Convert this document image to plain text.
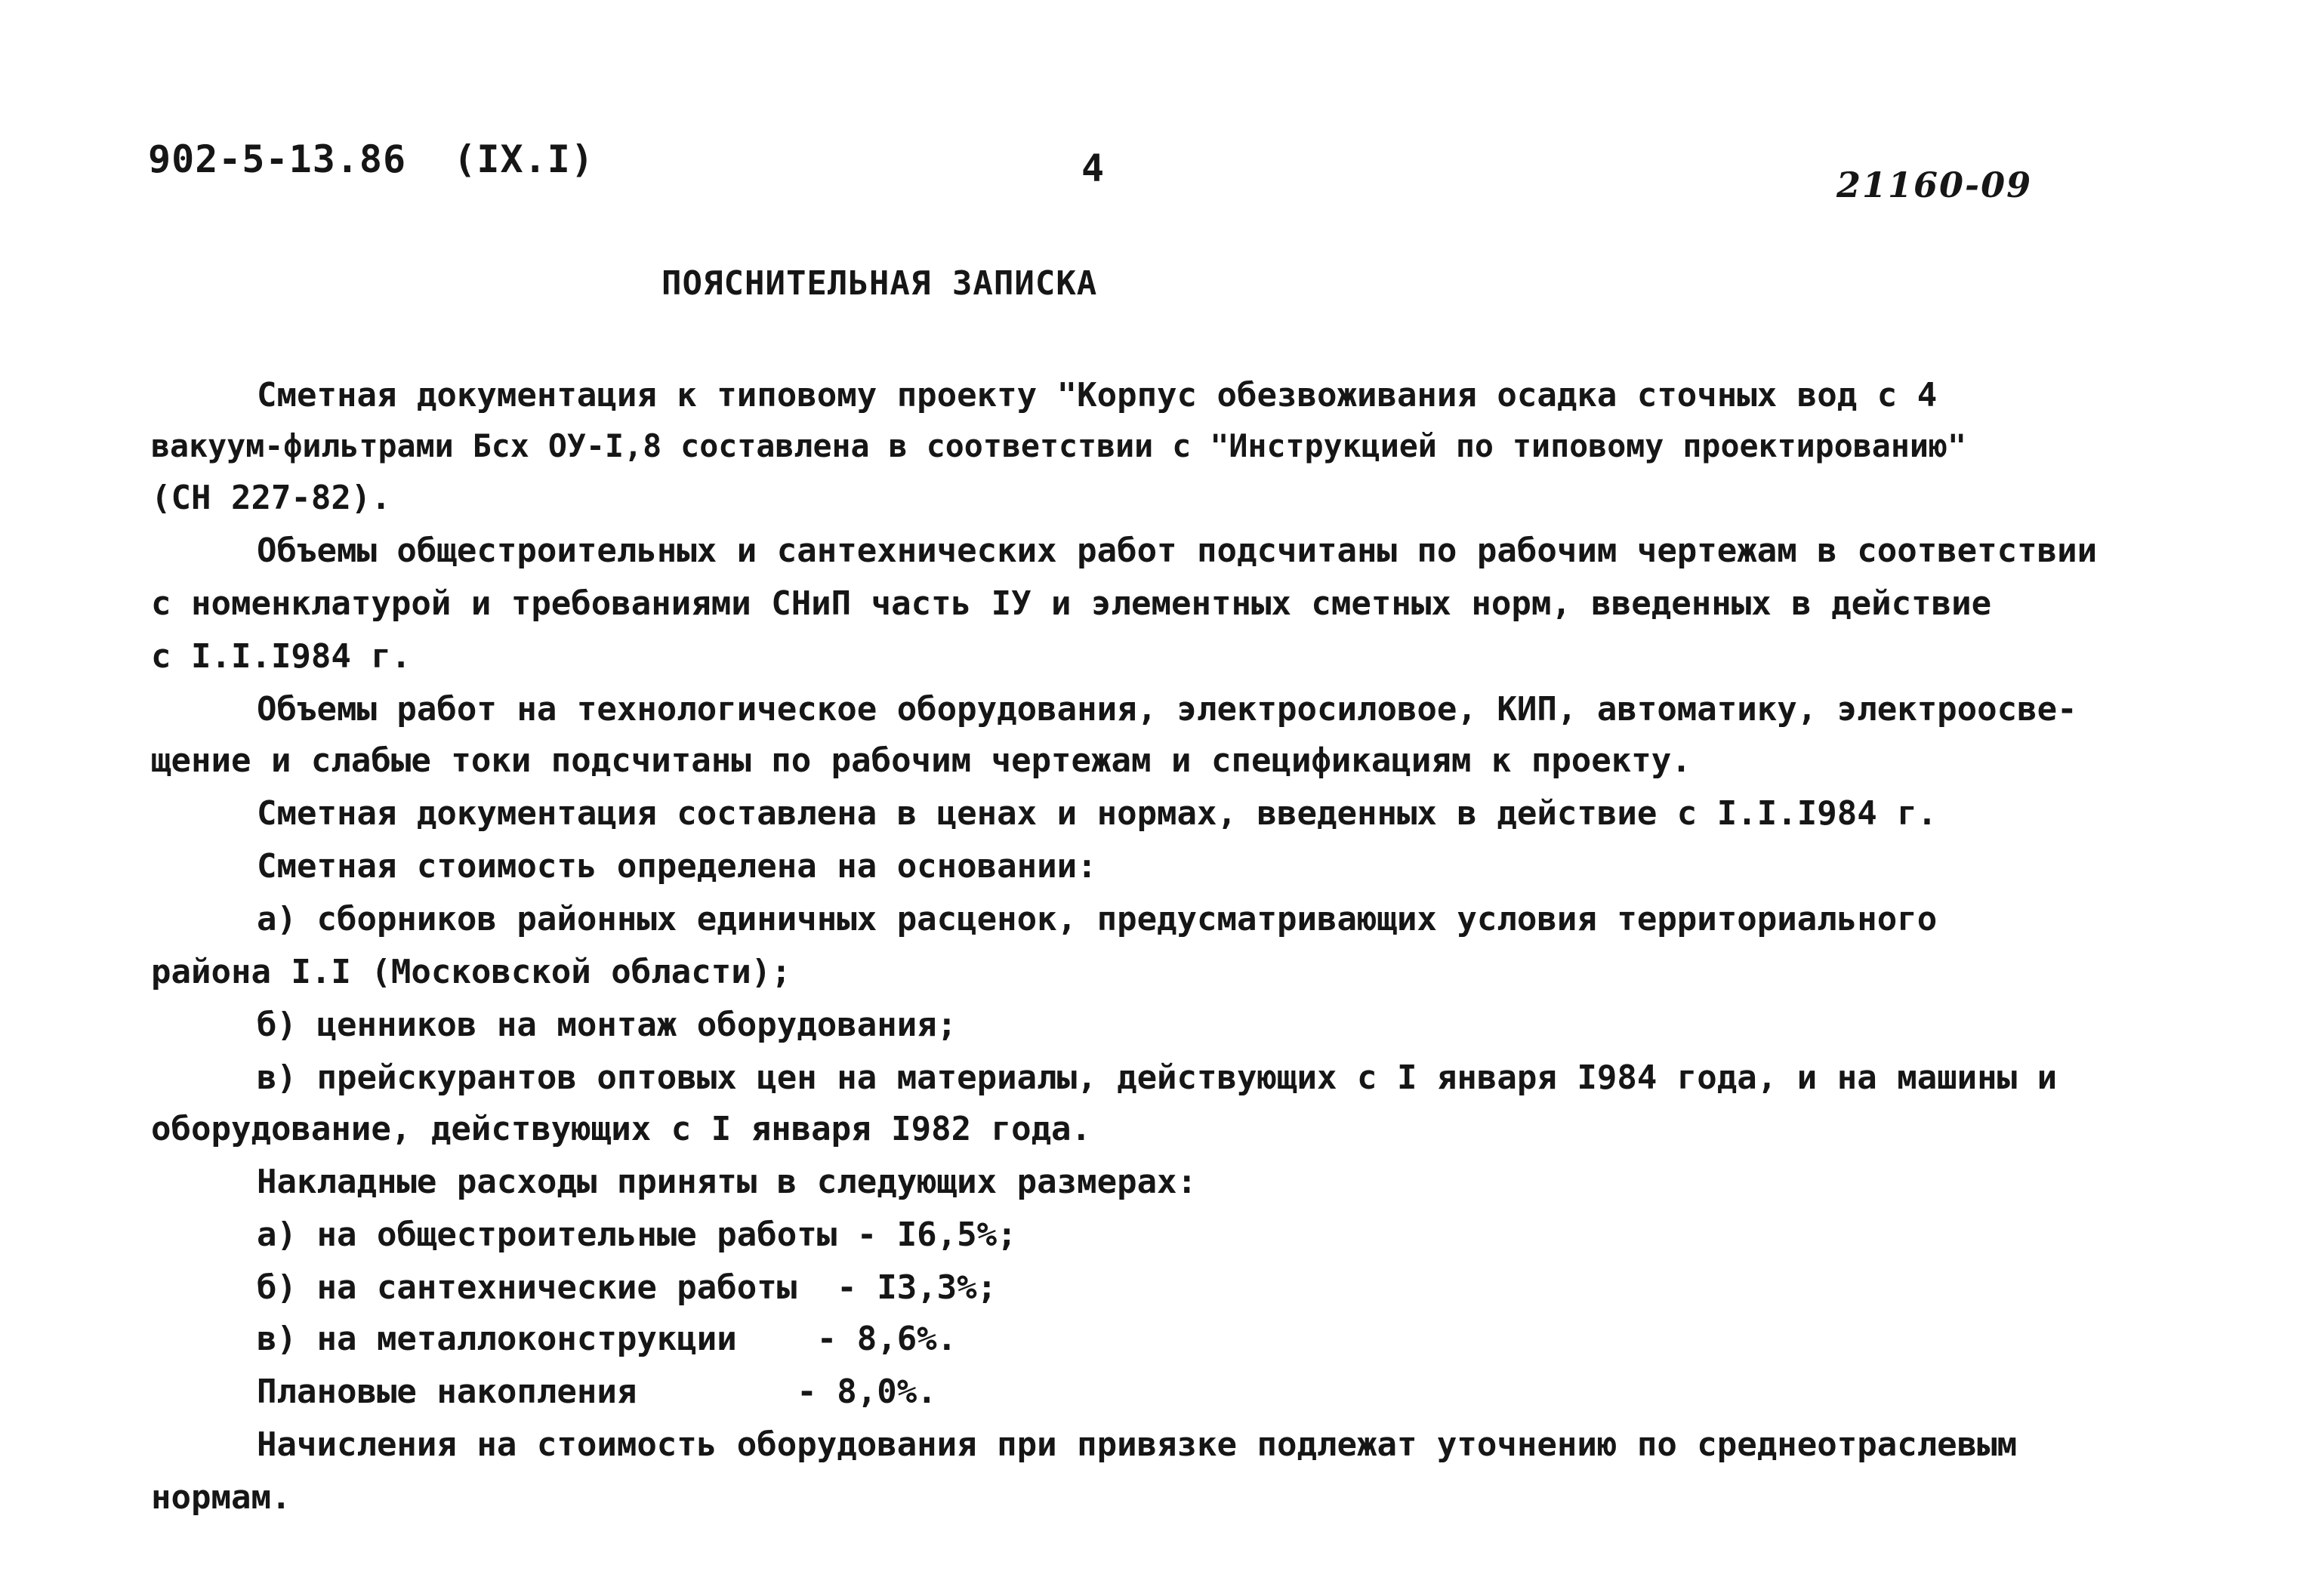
902-5-13.86  (IX.I)	4	21160-09
ПОЯСНИТЕЛЬНАЯ ЗАПИСКА
Сметная документация к типовому проекту "Корпус обезвоживания осадка сточных вод с 4
вакуум-фильтрами Бсх ОУ-I,8 составлена в соответствии с "Инструкцией по типовому проектированию"
(СН 227-82).
Объемы общестроительных и сантехнических работ подсчитаны по рабочим чертежам в соответствии
с номенклатурой и требованиями СНиП часть IУ и элементных сметных норм, введенных в действие
с I.I.I984 г.
Объемы работ на технологическое оборудования, электросиловое, КИП, автоматику, электроосве-
щение и слабые токи подсчитаны по рабочим чертежам и спецификациям к проекту.
Сметная документация составлена в ценах и нормах, введенных в действие с I.I.I984 г.
Сметная стоимость определена на основании:
а) сборников районных единичных расценок, предусматривающих условия территориального
района I.I (Московской области);
б) ценников на монтаж оборудования;
в) прейскурантов оптовых цен на материалы, действующих с I января I984 года, и на машины и
оборудование, действующих с I января I982 года.
Накладные расходы приняты в следующих размерах:
а) на общестроительные работы - I6,5%;
б) на сантехнические работы  - I3,3%;
в) на металлоконструкции    - 8,6%.
Плановые накопления        - 8,0%.
Начисления на стоимость оборудования при привязке подлежат уточнению по среднеотраслевым
нормам.
